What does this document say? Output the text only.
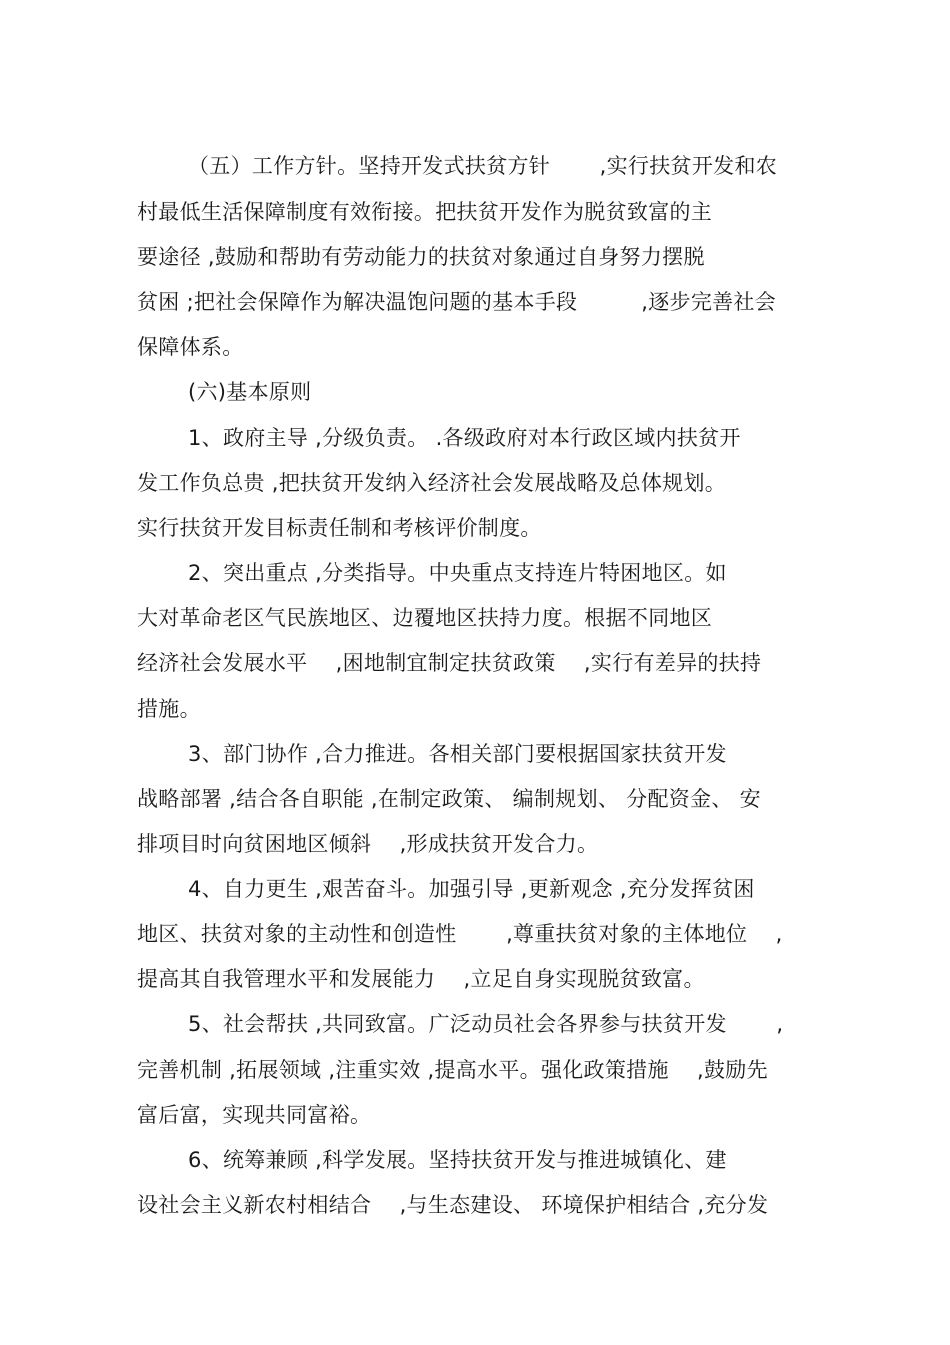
（五）工作方针。坚持开发式扶贫方针　　 ,实行扶贫开发和农
村最低生活保障制度有效衔接。把扶贫开发作为脱贫致富的主
要途径 ,鼓励和帮助有劳动能力的扶贫对象通过自身努力摆脱
贫困 ;把社会保障作为解决温饱问题的基本手段　　　,逐步完善社会
保障体系。
(六)基本原则
1、政府主导 ,分级负责。 .各级政府对本行政区域内扶贫开
发工作负总贵 ,把扶贫开发纳入经济社会发展战略及总体规划。
实行扶贫开发目标责任制和考核评价制度。
2、突出重点 ,分类指导。中央重点支持连片特困地区。如
大对革命老区气民族地区、边覆地区扶持力度。根据不同地区
经济社会发展水平　 ,困地制宜制定扶贫政策　 ,实行有差异的扶持
措施。
3、部门协作 ,合力推进。各相关部门要根据国家扶贫开发
战略部署 ,结合各自职能 ,在制定政策、 编制规划、 分配资金、 安
排项目时向贫困地区倾斜　 ,形成扶贫开发合力。
4、自力更生 ,艰苦奋斗。加强引导 ,更新观念 ,充分发挥贫困
地区、扶贫对象的主动性和创造性　　 ,尊重扶贫对象的主体地位　 ,
提高其自我管理水平和发展能力　 ,立足自身实现脱贫致富。
5、社会帮扶 ,共同致富。广泛动员社会各界参与扶贫开发　　 ,
完善机制 ,拓展领域 ,注重实效 ,提高水平。强化政策措施　 ,鼓励先
富后富，实现共同富裕。
6、统筹兼顾 ,科学发展。坚持扶贫开发与推进城镇化、建
设社会主义新农村相结合　 ,与生态建设、 环境保护相结合 ,充分发
